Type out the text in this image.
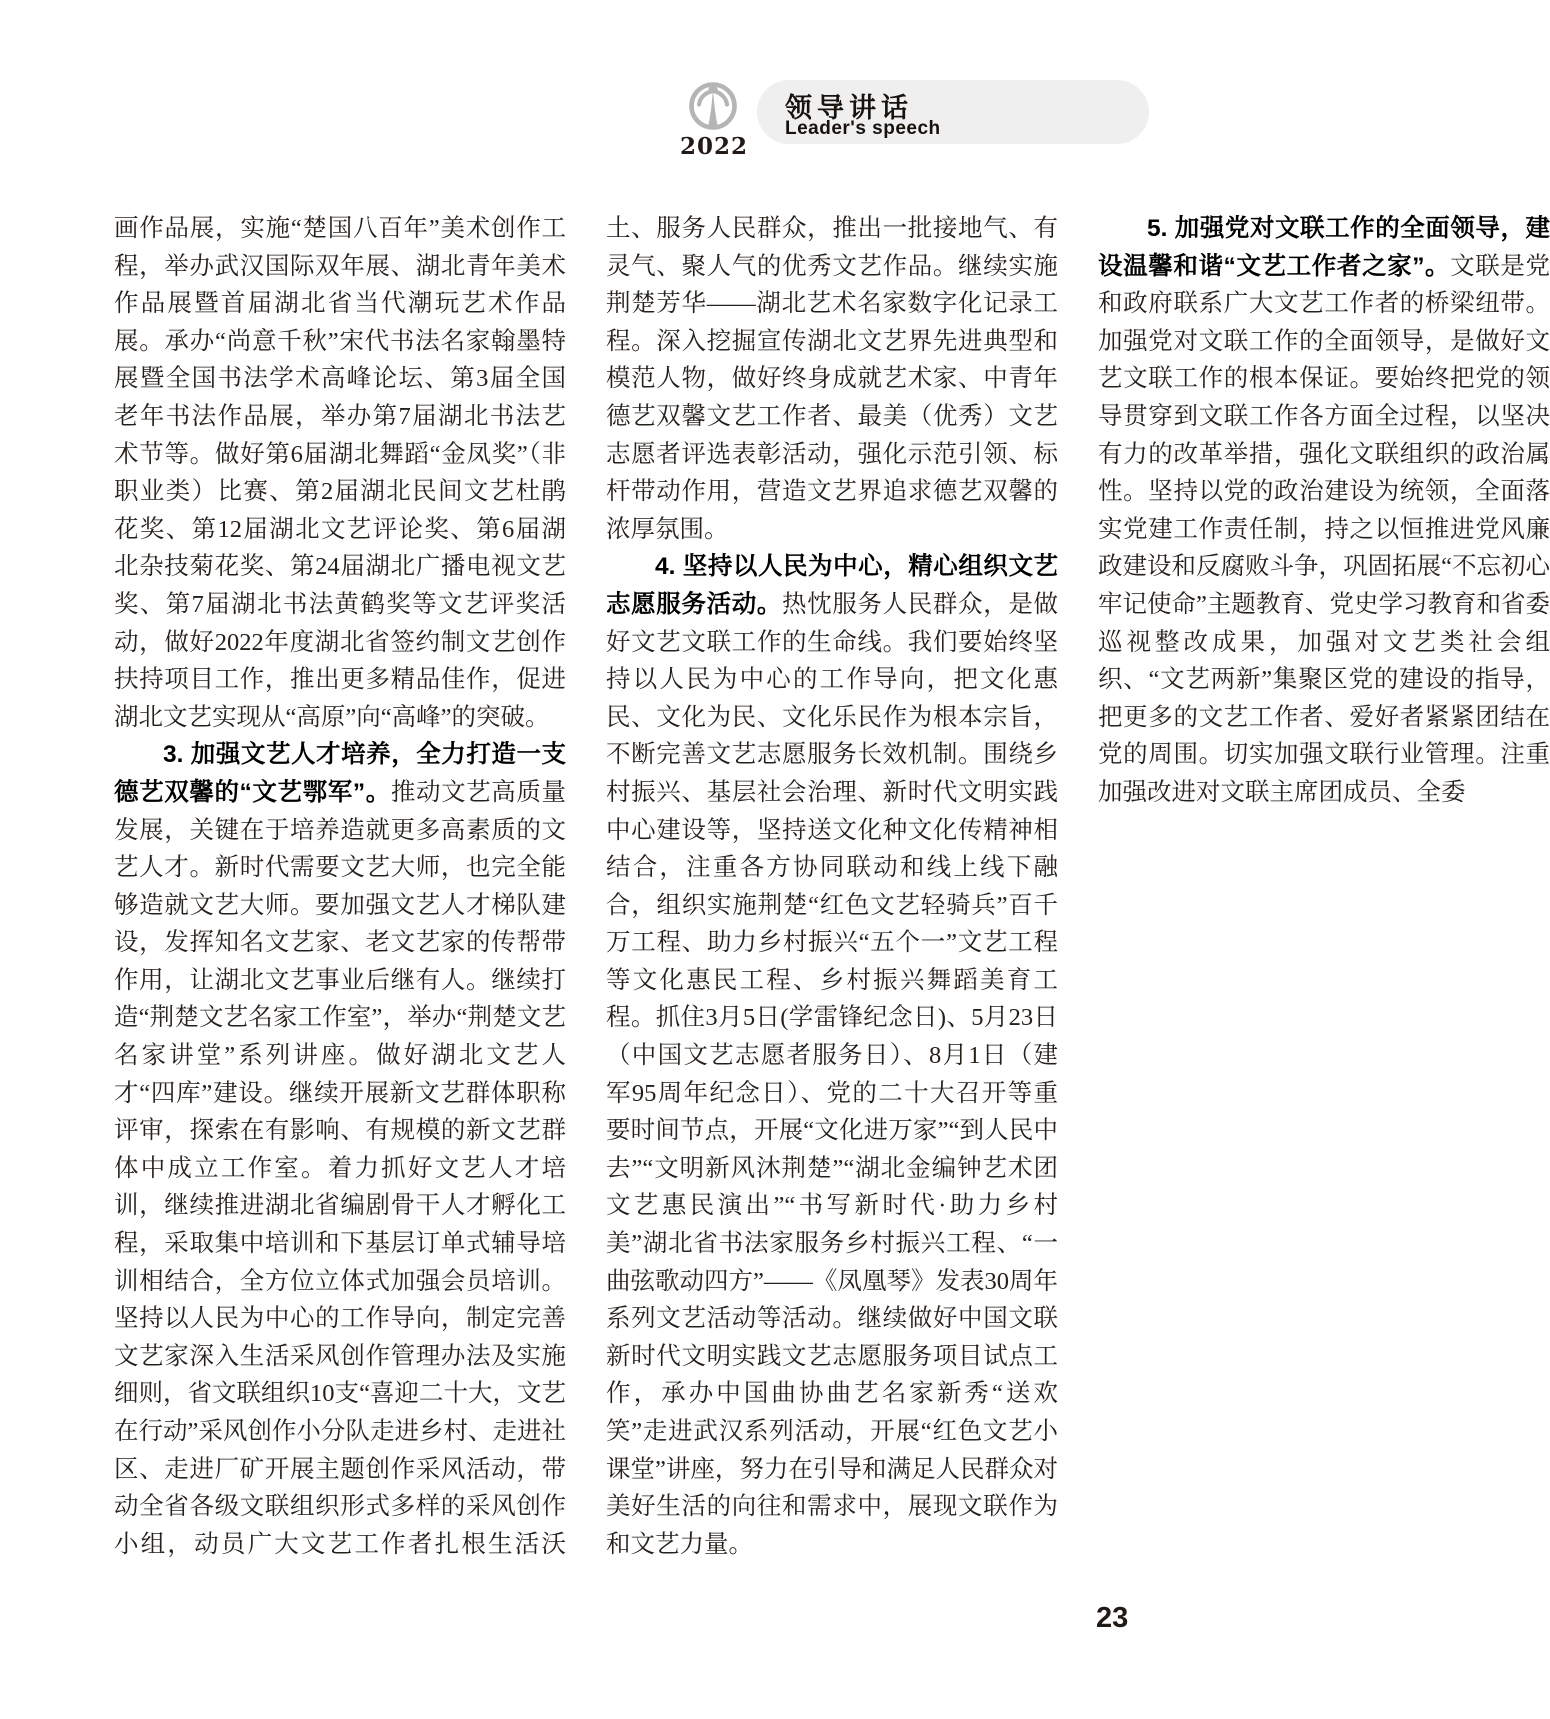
2022
领导讲话
Leader's speech

画作品展，实施“楚国八百年”美术创作工程，举办武汉国际双年展、湖北青年美术作品展暨首届湖北省当代潮玩艺术作品展。承办“尚意千秋”宋代书法名家翰墨特展暨全国书法学术高峰论坛、第3届全国老年书法作品展，举办第7届湖北书法艺术节等。做好第6届湖北舞蹈“金凤奖”（非职业类）比赛、第2届湖北民间文艺杜鹃花奖、第12届湖北文艺评论奖、第6届湖北杂技菊花奖、第24届湖北广播电视文艺奖、第7届湖北书法黄鹤奖等文艺评奖活动，做好2022年度湖北省签约制文艺创作扶持项目工作，推出更多精品佳作，促进湖北文艺实现从“高原”向“高峰”的突破。

3. 加强文艺人才培养，全力打造一支德艺双馨的“文艺鄂军”。推动文艺高质量发展，关键在于培养造就更多高素质的文艺人才。新时代需要文艺大师，也完全能够造就文艺大师。要加强文艺人才梯队建设，发挥知名文艺家、老文艺家的传帮带作用，让湖北文艺事业后继有人。继续打造“荆楚文艺名家工作室”，举办“荆楚文艺名家讲堂”系列讲座。做好湖北文艺人才“四库”建设。继续开展新文艺群体职称评审，探索在有影响、有规模的新文艺群体中成立工作室。着力抓好文艺人才培训，继续推进湖北省编剧骨干人才孵化工程，采取集中培训和下基层订单式辅导培训相结合，全方位立体式加强会员培训。坚持以人民为中心的工作导向，制定完善文艺家深入生活采风创作管理办法及实施细则，省文联组织10支“喜迎二十大，文艺在行动”采风创作小分队走进乡村、走进社区、走进厂矿开展主题创作采风活动，带动全省各级文联组织形式多样的采风创作小组，动员广大文艺工作者扎根生活沃土、服务人民群众，推出一批接地气、有灵气、聚人气的优秀文艺作品。继续实施荆楚芳华——湖北艺术名家数字化记录工程。深入挖掘宣传湖北文艺界先进典型和模范人物，做好终身成就艺术家、中青年德艺双馨文艺工作者、最美（优秀）文艺志愿者评选表彰活动，强化示范引领、标杆带动作用，营造文艺界追求德艺双馨的浓厚氛围。

4. 坚持以人民为中心，精心组织文艺志愿服务活动。热忱服务人民群众，是做好文艺文联工作的生命线。我们要始终坚持以人民为中心的工作导向，把文化惠民、文化为民、文化乐民作为根本宗旨，不断完善文艺志愿服务长效机制。围绕乡村振兴、基层社会治理、新时代文明实践中心建设等，坚持送文化种文化传精神相结合，注重各方协同联动和线上线下融合，组织实施荆楚“红色文艺轻骑兵”百千万工程、助力乡村振兴“五个一”文艺工程等文化惠民工程、乡村振兴舞蹈美育工程。抓住3月5日(学雷锋纪念日)、5月23日（中国文艺志愿者服务日）、8月1日（建军95周年纪念日）、党的二十大召开等重要时间节点，开展“文化进万家”“到人民中去”“文明新风沐荆楚”“湖北金编钟艺术团文艺惠民演出”“书写新时代·助力乡村美”湖北省书法家服务乡村振兴工程、“一曲弦歌动四方”——《凤凰琴》发表30周年系列文艺活动等活动。继续做好中国文联新时代文明实践文艺志愿服务项目试点工作，承办中国曲协曲艺名家新秀“送欢笑”走进武汉系列活动，开展“红色文艺小课堂”讲座，努力在引导和满足人民群众对美好生活的向往和需求中，展现文联作为和文艺力量。

5. 加强党对文联工作的全面领导，建设温馨和谐“文艺工作者之家”。文联是党和政府联系广大文艺工作者的桥梁纽带。加强党对文联工作的全面领导，是做好文艺文联工作的根本保证。要始终把党的领导贯穿到文联工作各方面全过程，以坚决有力的改革举措，强化文联组织的政治属性。坚持以党的政治建设为统领，全面落实党建工作责任制，持之以恒推进党风廉政建设和反腐败斗争，巩固拓展“不忘初心 牢记使命”主题教育、党史学习教育和省委巡视整改成果，加强对文艺类社会组织、“文艺两新”集聚区党的建设的指导，把更多的文艺工作者、爱好者紧紧团结在党的周围。切实加强文联行业管理。注重加强改进对文联主席团成员、全委

23
